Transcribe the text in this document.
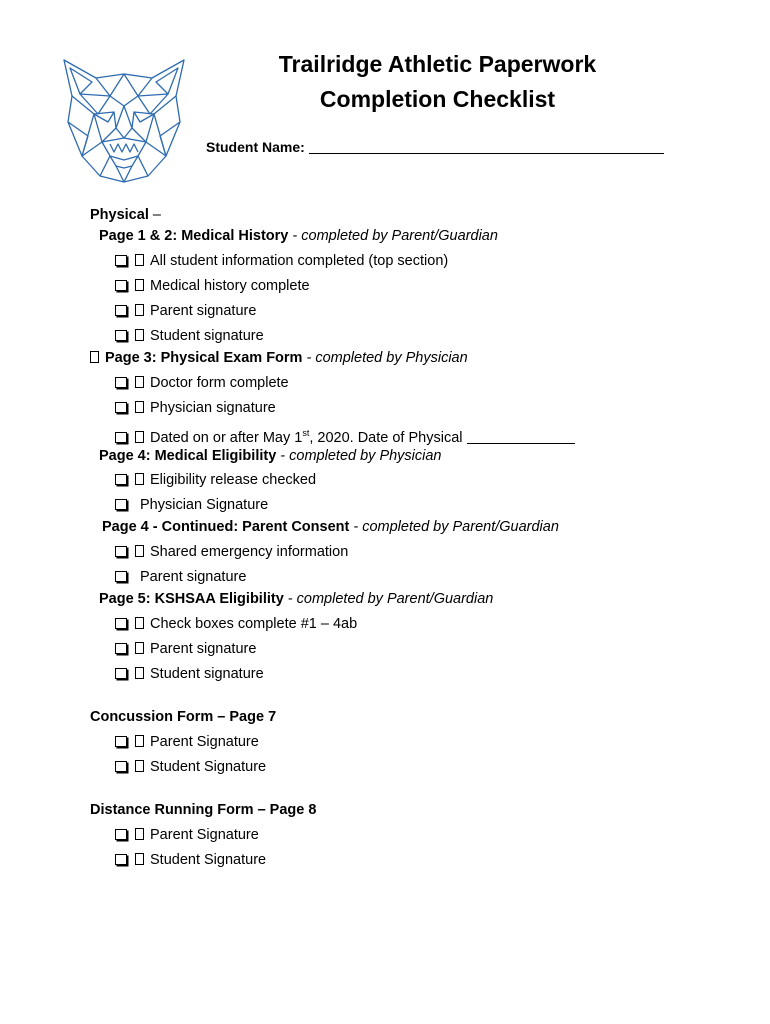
Trailridge Athletic Paperwork
Completion Checklist
Student Name:
Physical –
Page 1 & 2: Medical History - completed by Parent/Guardian
All student information completed (top section)
Medical history complete
Parent signature
Student signature
Page 3: Physical Exam Form - completed by Physician
Doctor form complete
Physician signature
Dated on or after May 1st, 2020. Date of Physical
Page 4: Medical Eligibility - completed by Physician
Eligibility release checked
Physician Signature
Page 4 - Continued: Parent Consent - completed by Parent/Guardian
Shared emergency information
Parent signature
Page 5: KSHSAA Eligibility - completed by Parent/Guardian
Check boxes complete #1 – 4ab
Parent signature
Student signature
Concussion Form – Page 7
Parent Signature
Student Signature
Distance Running Form – Page 8
Parent Signature
Student Signature
